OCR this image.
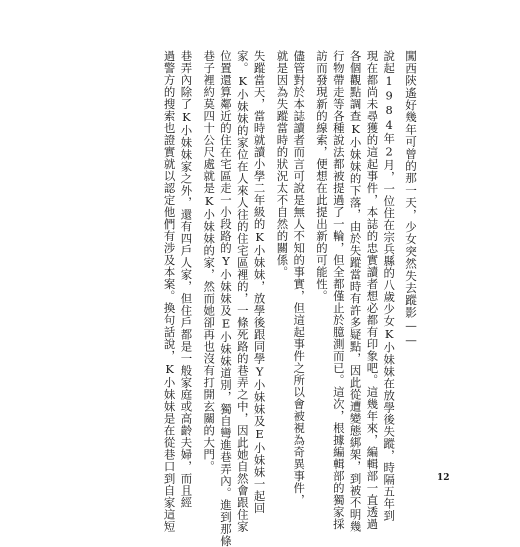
闖西陝遙好幾年可曾的那一天，少女突然失去蹤影——
說起1984年2月，一位住在宗兵縣的八歲少女K小妹妹在放學後失蹤，時隔五年到
現在都尚未尋獲的這起事件，本誌的忠實讀者想必都有印象吧。這幾年來，編輯部一直透過
各個觀點調查K小妹妹的下落，由於失蹤當時有許多疑點，因此從遭變態綁架，到被不明幾
行物帶走等各種說法都被提過了一輪，但全都僅止於臆測而已。這次，根據編輯部的獨家採
訪而發現新的線索，便想在此提出新的可能性。
儘管對於本誌讀者而言可說是無人不知的事實，但這起事件之所以會被視為奇異事件，
就是因為失蹤當時的狀況太不自然的關係。
失蹤當天，當時就讀小學二年級的K小妹妹，放學後跟同學Y小妹妹及E小妹妹一起回
家。K小妹妹的家位在人來人往的住宅區裡的，一條死路的巷弄之中，因此她自然會跟住家
位置還算鄰近的住在宅區走一小段路的Y小妹妹及E小妹妹道別，獨自彎進巷弄內。進到那條
巷子裡約莫四十公尺處就是K小妹妹的家，然而她卻再也沒有打開玄關的大門。
巷弄內除了K小妹妹家之外，還有四戶人家，但住戶都是一般家庭或高齡夫婦，而且經
過警方的搜索也證實就以認定他們有涉及本案。換句話說，K小妹妹是在從巷口到自家這短	12
